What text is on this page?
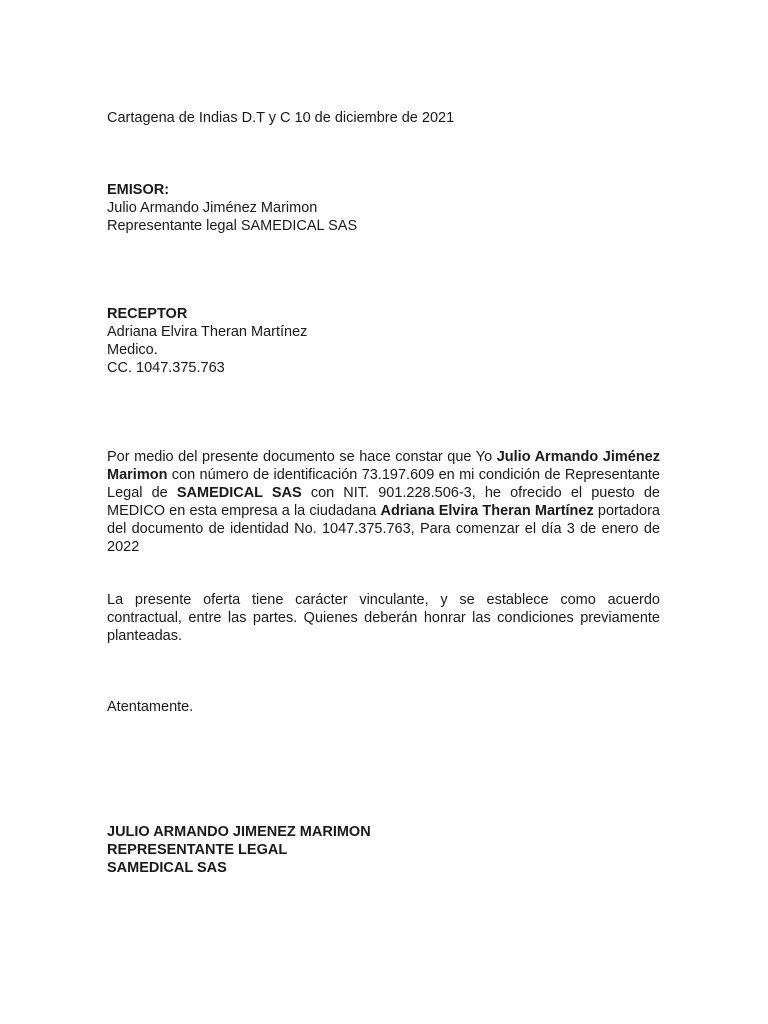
Cartagena de Indias D.T y C 10 de diciembre de 2021

EMISOR:

Julio Armando Jiménez Marimon

Representante legal SAMEDICAL SAS

RECEPTOR

Adriana Elvira Theran Martínez

Medico.

CC. 1047.375.763

Por medio del presente documento se hace constar que Yo Julio Armando Jiménez Marimon con número de identificación 73.197.609 en mi condición de Representante Legal de SAMEDICAL SAS con NIT. 901.228.506-3, he ofrecido el puesto de MEDICO en esta empresa a la ciudadana Adriana Elvira Theran Martínez portadora del documento de identidad No. 1047.375.763, Para comenzar el día 3 de enero de 2022

La presente oferta tiene carácter vinculante, y se establece como acuerdo contractual, entre las partes. Quienes deberán honrar las condiciones previamente planteadas.

Atentamente.

JULIO ARMANDO JIMENEZ MARIMON

REPRESENTANTE LEGAL

SAMEDICAL SAS
